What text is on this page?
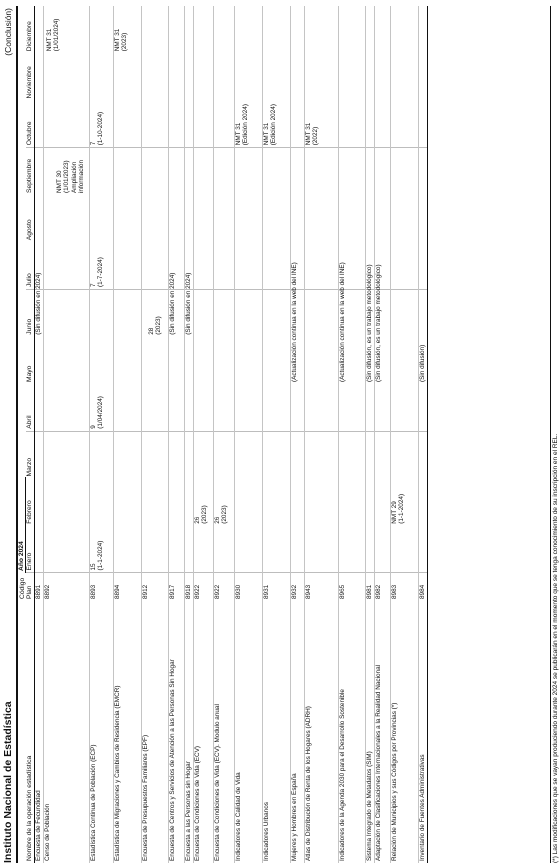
Instituto Nacional de Estadística
(Conclusión)
	Código	Año 2024											
Nombre de la operación estadística	Plan	Enero	Febrero	Marzo	Abril	Mayo	Junio	Julio	Agosto	Septiembre	Octubre	Noviembre	Diciembre
Encuesta de Fecundidad	8891						(Sin difusión en 2024)						
Censo de Población	8892									NMT 30 (1/01/2023) Ampliación información			NMT 31 (1/01/2024)

Estadística Continua de Población (ECP)	8893	15 (1-1-2024)			9 (1/04/2024)			7 (1-7-2024)			7 (1-10-2024)		

Estadística de Migraciones y Cambios de Residencia (EMCR)	8894												NMT 31 (2023)

Encuesta de Presupuestos Familiares (EPF)	8912						28 (2023)						

Encuesta de Centros y Servicios de Atención a las Personas Sin Hogar	8917						(Sin difusión en 2024)						
Encuesta a las Personas sin Hogar	8918						(Sin difusión en 2024)						
Encuesta de Condiciones de Vida (ECV)	8922		26 (2023)										

Encuesta de Condiciones de Vida (ECV). Modulo anual	8922		26 (2023)										

Indicadores de Calidad de Vida	8930										NMT 31 (Edición 2024)		

Indicadores Urbanos	8931										NMT 31 (Edición 2024)		

Mujeres y Hombres en España	8932					(Actualización continua en la web del INE)							
Atlas de Distribución de Renta de los Hogares (ADRH)	8943										NMT 31 (2022)		

Indicadores de la Agenda 2030 para el Desarrollo Sostenible	8965					(Actualización continua en la web del INE)							
Sistema Integrado de Metadatos (SIM)	8981					(Sin difusión, es un trabajo metodológico)							
Adaptación de Clasificaciones Internacionales a la Realidad Nacional	8982					(Sin difusión, es un trabajo metodológico)							
Relación de Municipios y sus Códigos por Provincias (*)	8983		NMT 29 (1-1-2024)										

Inventario de Fuentes Administrativas	8984					(Sin difusión)							
(*) Las modificaciones que se vayan produciendo durante 2024 se publicarán en el momento que se tenga conocimiento de su inscripción en el REL.
